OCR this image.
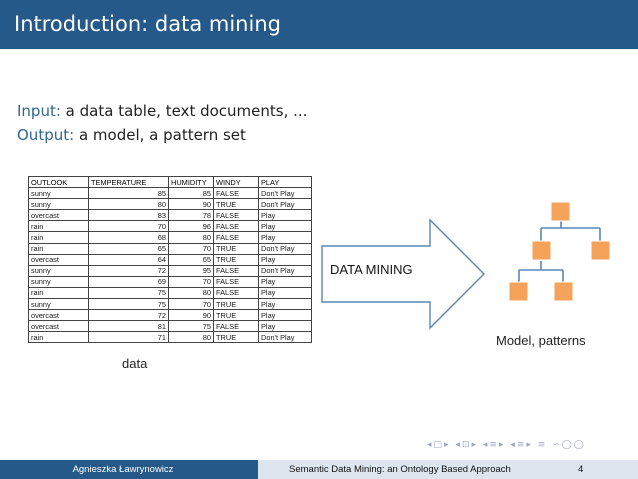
Introduction: data mining
Input: a data table, text documents, ...
Output: a model, a pattern set
OUTLOOK	TEMPERATURE	HUMIDITY	WINDY	PLAY
sunny	85	85	FALSE	Don't Play
sunny	80	90	TRUE	Don't Play
overcast	83	78	FALSE	Play
rain	70	96	FALSE	Play
rain	68	80	FALSE	Play
rain	65	70	TRUE	Don't Play
overcast	64	65	TRUE	Play
sunny	72	95	FALSE	Don't Play
sunny	69	70	FALSE	Play
rain	75	80	FALSE	Play
sunny	75	70	TRUE	Play
overcast	72	90	TRUE	Play
overcast	81	75	FALSE	Play
rain	71	80	TRUE	Don't Play
data
DATA MINING
Model, patterns
◂□▸ ◂⊡▸ ◂≡▸ ◂≡▸ ≡ ∽◯◯
Agnieszka Ławrynowicz	Semantic Data Mining: an Ontology Based Approach	4
